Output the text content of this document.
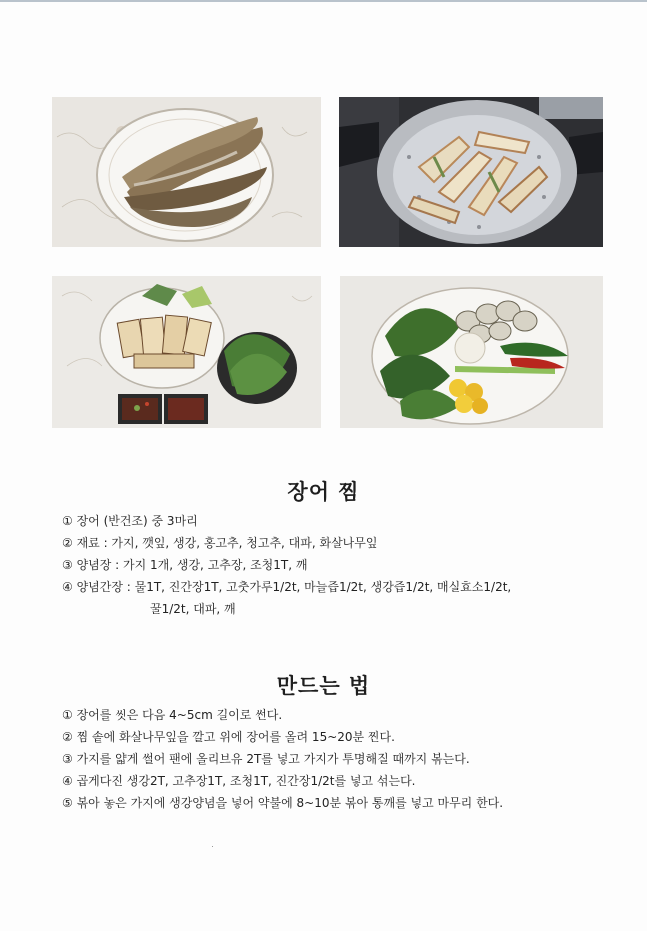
장어 찜
① 장어 (반건조) 중 3마리
② 재료 : 가지, 깻잎, 생강, 홍고추, 청고추, 대파, 화살나무잎
③ 양념장 : 가지 1개, 생강, 고추장, 조청1T, 깨
④ 양념간장 : 물1T, 진간장1T, 고춧가루1/2t, 마늘즙1/2t, 생강즙1/2t, 매실효소1/2t,
꿀1/2t, 대파, 깨
만드는 법
① 장어를 씻은 다음 4~5cm 길이로 썬다.
② 찜 솥에 화살나무잎을 깔고 위에 장어를 올려 15~20분 찐다.
③ 가지를 얇게 썰어 팬에 올리브유 2T를 넣고 가지가 투명해질 때까지 볶는다.
④ 곱게다진 생강2T, 고추장1T, 조청1T, 진간장1/2t를 넣고 섞는다.
⑤ 볶아 놓은 가지에 생강양념을 넣어 약불에 8~10분 볶아 통깨를 넣고 마무리 한다.
